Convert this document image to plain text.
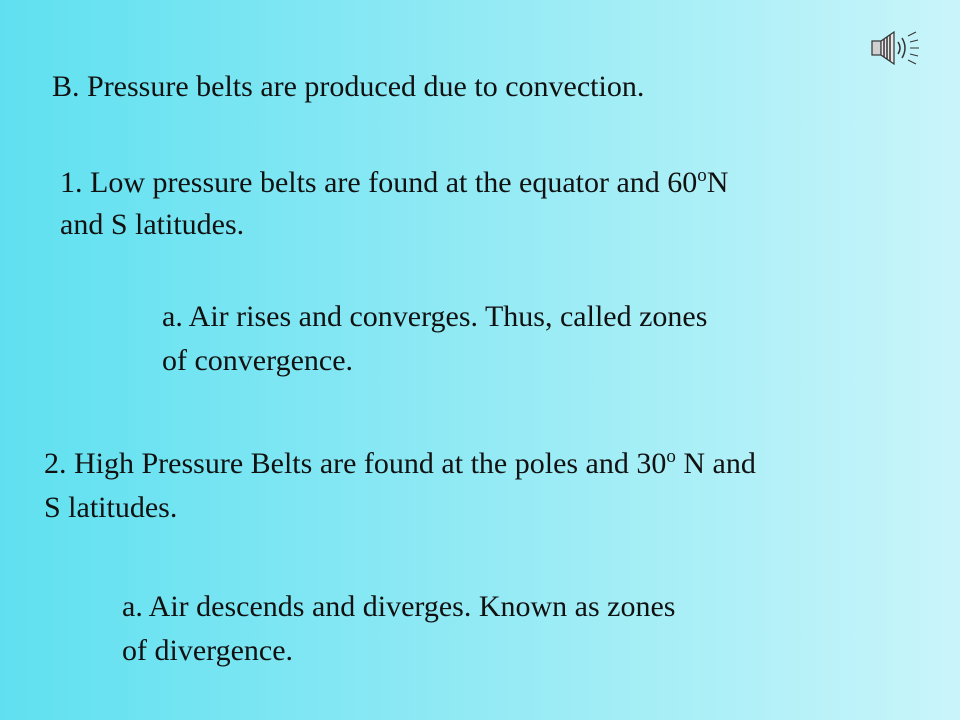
B. Pressure belts are produced due to convection.

1. Low pressure belts are found at the equator and 60$^o$N

and S latitudes.

a. Air rises and converges. Thus, called zones

of convergence.

2. High Pressure Belts are found at the poles and 30$^o$ N and

S latitudes.

a. Air descends and diverges. Known as zones

of divergence.
